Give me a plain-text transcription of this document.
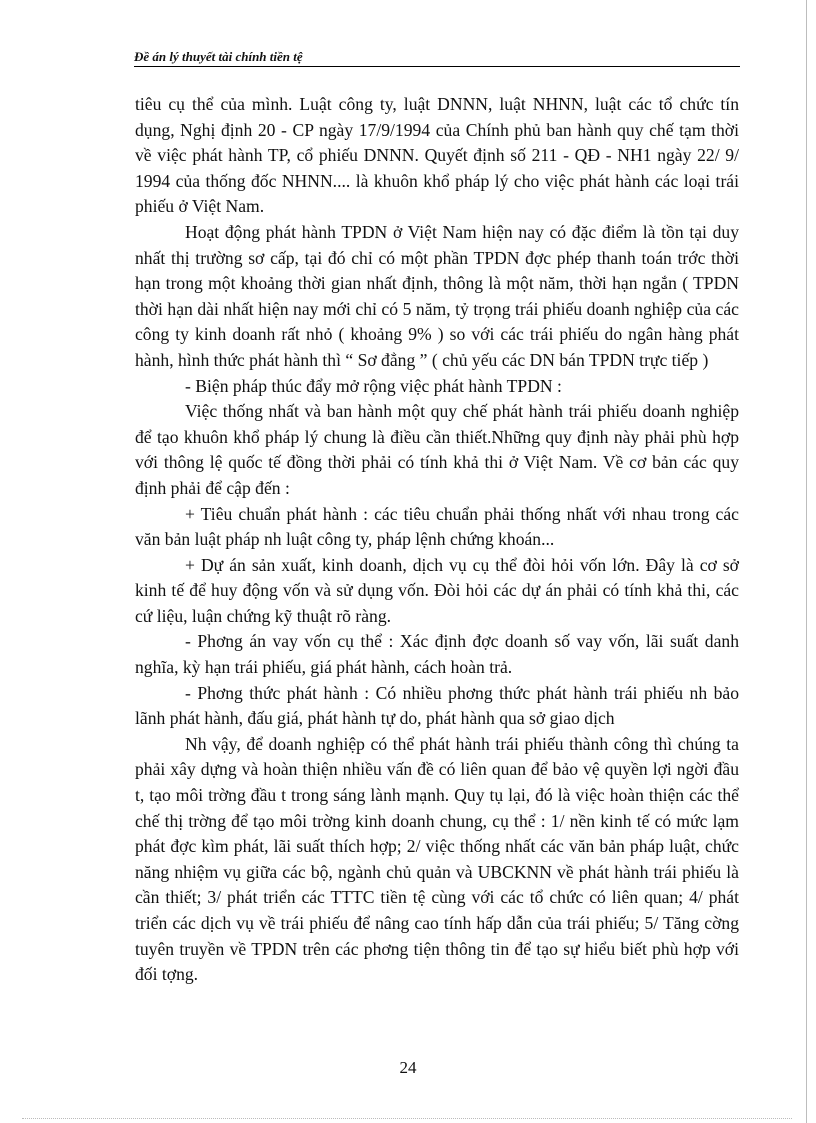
Đề án lý thuyết tài chính tiền tệ

tiêu cụ thể của mình. Luật công ty, luật DNNN, luật NHNN, luật các tổ chức tín dụng, Nghị định 20 - CP ngày 17/9/1994 của Chính phủ ban hành quy chế tạm thời về việc phát hành TP, cổ phiếu DNNN. Quyết định số 211 - QĐ - NH1 ngày 22/ 9/ 1994 của thống đốc NHNN.... là khuôn khổ pháp lý cho việc phát hành các loại trái phiếu ở Việt Nam.

Hoạt động phát hành TPDN ở Việt Nam hiện nay có đặc điểm là tồn tại duy nhất thị trường sơ cấp, tại đó chỉ có một phần TPDN đợc phép thanh toán trớc thời hạn trong một khoảng thời gian nhất định, thông là một năm, thời hạn ngắn ( TPDN thời hạn dài nhất hiện nay mới chỉ có 5 năm, tỷ trọng trái phiếu doanh nghiệp của các công ty kinh doanh rất nhỏ ( khoảng 9% ) so với các trái phiếu do ngân hàng phát hành, hình thức phát hành thì “ Sơ đẳng ” ( chủ yếu các DN bán TPDN trực tiếp )

- Biện pháp thúc đẩy mở rộng việc phát hành TPDN :

Việc thống nhất và ban hành một quy chế phát hành trái phiếu doanh nghiệp để tạo khuôn khổ pháp lý chung là điều cần thiết.Những quy định này phải phù hợp với thông lệ quốc tế đồng thời phải có tính khả thi ở Việt Nam. Về cơ bản các quy định phải để cập đến :

+ Tiêu chuẩn phát hành : các tiêu chuẩn phải thống nhất với nhau trong các văn bản luật pháp nh luật công ty, pháp lệnh chứng khoán...

+ Dự án sản xuất, kinh doanh, dịch vụ cụ thể đòi hỏi vốn lớn. Đây là cơ sở kinh tế để huy động vốn và sử dụng vốn. Đòi hỏi các dự án phải có tính khả thi, các cứ liệu, luận chứng kỹ thuật rõ ràng.

- Phơng án vay vốn cụ thể : Xác định đợc doanh số vay vốn, lãi suất danh nghĩa, kỳ hạn trái phiếu, giá phát hành, cách hoàn trả.

- Phơng thức phát hành : Có nhiều phơng thức phát hành trái phiếu nh bảo lãnh phát hành, đấu giá, phát hành tự do, phát hành qua sở giao dịch

Nh vậy, để doanh nghiệp có thể phát hành trái phiếu thành công thì chúng ta phải xây dựng và hoàn thiện nhiều vấn đề có liên quan để bảo vệ quyền lợi ngời đầu t, tạo môi trờng đầu t trong sáng lành mạnh. Quy tụ lại, đó là việc hoàn thiện các thể chế thị trờng để tạo môi trờng kinh doanh chung, cụ thể : 1/ nền kinh tế có mức lạm phát đợc kìm phát, lãi suất thích hợp; 2/ việc thống nhất các văn bản pháp luật, chức năng nhiệm vụ giữa các bộ, ngành chủ quản và UBCKNN về phát hành trái phiếu là cần thiết; 3/ phát triển các TTTC tiền tệ cùng với các tổ chức có liên quan; 4/ phát triển các dịch vụ về trái phiếu để nâng cao tính hấp dẫn của trái phiếu; 5/ Tăng cờng tuyên truyền về TPDN trên các phơng tiện thông tin để tạo sự hiểu biết phù hợp với đối tợng.

24
